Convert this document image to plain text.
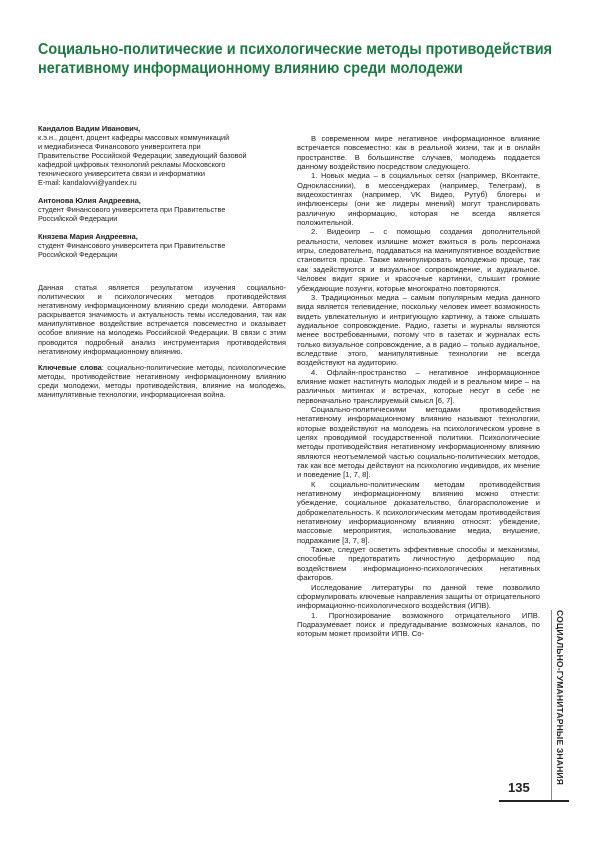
Социально-политические и психологические методы противодействия
негативному информационному влиянию среди молодежи
Кандалов Вадим Иванович,
к.э.н., доцент, доцент кафедры массовых коммуникаций
и медиабизнеса Финансового университета при
Правительстве Российской Федерации; заведующий базовой
кафедрой цифровых технологий рекламы Московского
технического университета связи и информатики
E-mail: kandalovvi@yandex.ru
Антонова Юлия Андреевна,
студент Финансового университета при Правительстве
Российской Федерации
Князева Мария Андреевна,
студент Финансового университета при Правительстве
Российской Федерации

Данная статья является результатом изучения социально-политических и психологических методов противодействия негативному информационному влиянию среди молодежи. Авторами раскрывается значимость и актуальность темы исследования, так как манипулятивное воздействие встречается повсеместно и оказывает особое влияние на молодежь Российской Федерации. В связи с этим проводится подробный анализ инструментария противодействия негативному информационному влиянию.

Ключевые слова: социально-политические методы, психологические методы, противодействие негативному информационному влиянию среди молодежи, методы противодействия, влияние на молодежь, манипулятивные технологии, информационная война.

В современном мире негативное информационное влияние встречается повсеместно: как в реальной жизни, так и в онлайн пространстве. В большинстве случаев, молодежь поддается данному воздействию посредством следующего.

1. Новых медиа – в социальных сетях (например, ВКонтакте, Одноклассники), в мессенджерах (например, Телеграм), в видеохостингах (например, VK Видео, Рутуб) блогеры и инфлюенсеры (они же лидеры мнений) могут транслировать различную информацию, которая не всегда является положительной.

2. Видеоигр – с помощью создания дополнительной реальности, человек излишне может вжиться в роль персонажа игры, следовательно, поддаваться на манипулятивное воздействие становится проще. Также манипулировать молодежью проще, так как задействуются и визуальное сопровождение, и аудиальное. Человек видит яркие и красочные картинки, слышит громкие убеждающие позунги, которые многократно повторяются.

3. Традиционных медиа – самым популярным медиа данного вида является телевидение, поскольку человек имеет возможность видеть увлекательную и интригующую картинку, а также слышать аудиальное сопровождение. Радио, газеты и журналы являются менее востребованными, потому что в газетах и журналах есть только визуальное сопровождение, а в радио – только аудиальное, вследствие этого, манипулятивные технологии не всегда воздействуют на аудиторию.

4. Офлайн-пространство – негативное информационное влияние может настигнуть молодых людей и в реальном мире – на различных митингах и встречах, которые несут в себе не первоначально транслируемый смысл [6, 7].

Социально-политическими методами противодействия негативному информационному влиянию называют технологии, которые воздействуют на молодежь на психологическом уровне в целях проводимой государственной политики. Психологические методы противодействия негативному информационному влиянию являются неотъемлемой частью социально-политических методов, так как все методы действуют на психологию индивидов, их мнение и поведение [1, 7, 8].

К социально-политическим методам противодействия негативному информационному влиянию можно отнести: убеждение, социальное доказательство, благорасположение и доброжелательность. К психологическим методам противодействия негативному информационному влиянию относят: убеждение, массовые мероприятия, использование медиа, внушение, подражание [3, 7, 8].

Также, следует осветить эффективные способы и механизмы, способные предотвратить личностную деформацию под воздействием информационно-психологических негативных факторов.

Исследование литературы по данной теме позволило сформулировать ключевые направления защиты от отрицательного информационно-психологического воздействия (ИПВ).

1. Прогнозирование возможного отрицательного ИПВ. Подразумевает поиск и предугадывание возможных каналов, по которым может произойти ИПВ. Со-	СОЦИАЛЬНО-ГУМАНИТАРНЫЕ ЗНАНИЯ
135
